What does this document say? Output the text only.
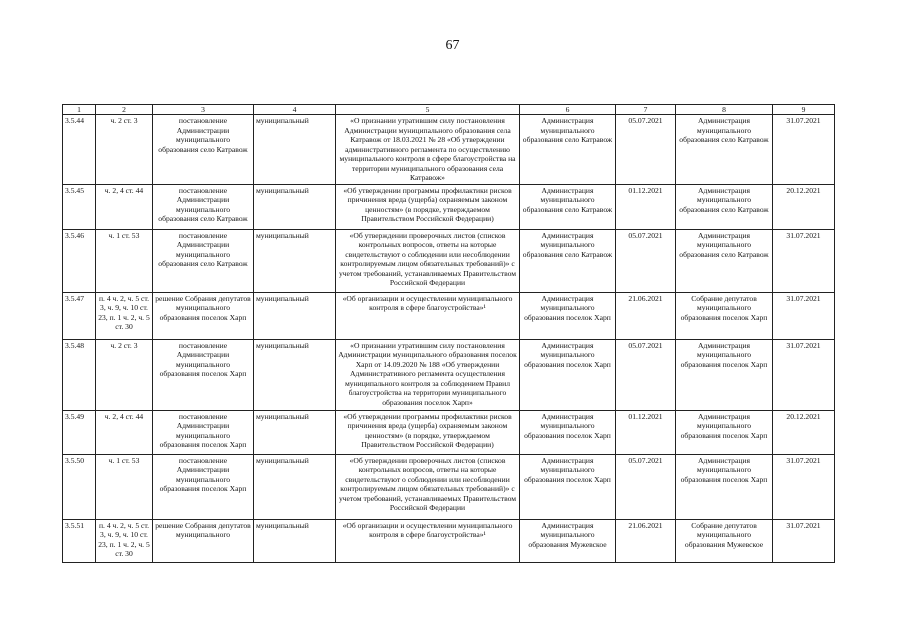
67
1	2	3	4	5	6	7	8	9
3.5.44	ч. 2 ст. 3	постановление Администрации муниципального образования село Катравож	муниципальный	«О признании утратившим силу постановления Администрации муниципального образования села Катравож от 18.03.2021 № 28 «Об утверждении административного регламента по осуществлению муниципального контроля в сфере благоустройства на территории муниципального образования села Катравож»	Администрация муниципального образования село Катравож	05.07.2021	Администрация муниципального образования село Катравож	31.07.2021
3.5.45	ч. 2, 4 ст. 44	постановление Администрации муниципального образования село Катравож	муниципальный	«Об утверждении программы профилактики рисков причинения вреда (ущерба) охраняемым законом ценностям» (в порядке, утверждаемом Правительством Российской Федерации)	Администрация муниципального образования село Катравож	01.12.2021	Администрация муниципального образования село Катравож	20.12.2021
3.5.46	ч. 1 ст. 53	постановление Администрации муниципального образования село Катравож	муниципальный	«Об утверждении проверочных листов (списков контрольных вопросов, ответы на которые свидетельствуют о соблюдении или несоблюдении контролируемым лицом обязательных требований)» с учетом требований, устанавливаемых Правительством Российской Федерации	Администрация муниципального образования село Катравож	05.07.2021	Администрация муниципального образования село Катравож	31.07.2021
3.5.47	п. 4 ч. 2, ч. 5 ст. 3, ч. 9, ч. 10 ст. 23, п. 1 ч. 2, ч. 5 ст. 30	решение Собрания депутатов муниципального образования поселок Харп	муниципальный	«Об организации и осуществлении муниципального контроля в сфере благоустройства»¹	Администрация муниципального образования поселок Харп	21.06.2021	Собрание депутатов муниципального образования поселок Харп	31.07.2021
3.5.48	ч. 2 ст. 3	постановление Администрации муниципального образования поселок Харп	муниципальный	«О признании утратившим силу постановления Администрации муниципального образования поселок Харп от 14.09.2020 № 188 «Об утверждении Административного регламента осуществления муниципального контроля за соблюдением Правил благоустройства на территории муниципального образования поселок Харп»	Администрация муниципального образования поселок Харп	05.07.2021	Администрация муниципального образования поселок Харп	31.07.2021
3.5.49	ч. 2, 4 ст. 44	постановление Администрации муниципального образования поселок Харп	муниципальный	«Об утверждении программы профилактики рисков причинения вреда (ущерба) охраняемым законом ценностям» (в порядке, утверждаемом Правительством Российской Федерации)	Администрация муниципального образования поселок Харп	01.12.2021	Администрация муниципального образования поселок Харп	20.12.2021
3.5.50	ч. 1 ст. 53	постановление Администрации муниципального образования поселок Харп	муниципальный	«Об утверждении проверочных листов (списков контрольных вопросов, ответы на которые свидетельствуют о соблюдении или несоблюдении контролируемым лицом обязательных требований)» с учетом требований, устанавливаемых Правительством Российской Федерации	Администрация муниципального образования поселок Харп	05.07.2021	Администрация муниципального образования поселок Харп	31.07.2021
3.5.51	п. 4 ч. 2, ч. 5 ст. 3, ч. 9, ч. 10 ст. 23, п. 1 ч. 2, ч. 5 ст. 30	решение Собрания депутатов муниципального	муниципальный	«Об организации и осуществлении муниципального контроля в сфере благоустройства»¹	Администрация муниципального образования Мужевское	21.06.2021	Собрание депутатов муниципального образования Мужевское	31.07.2021
